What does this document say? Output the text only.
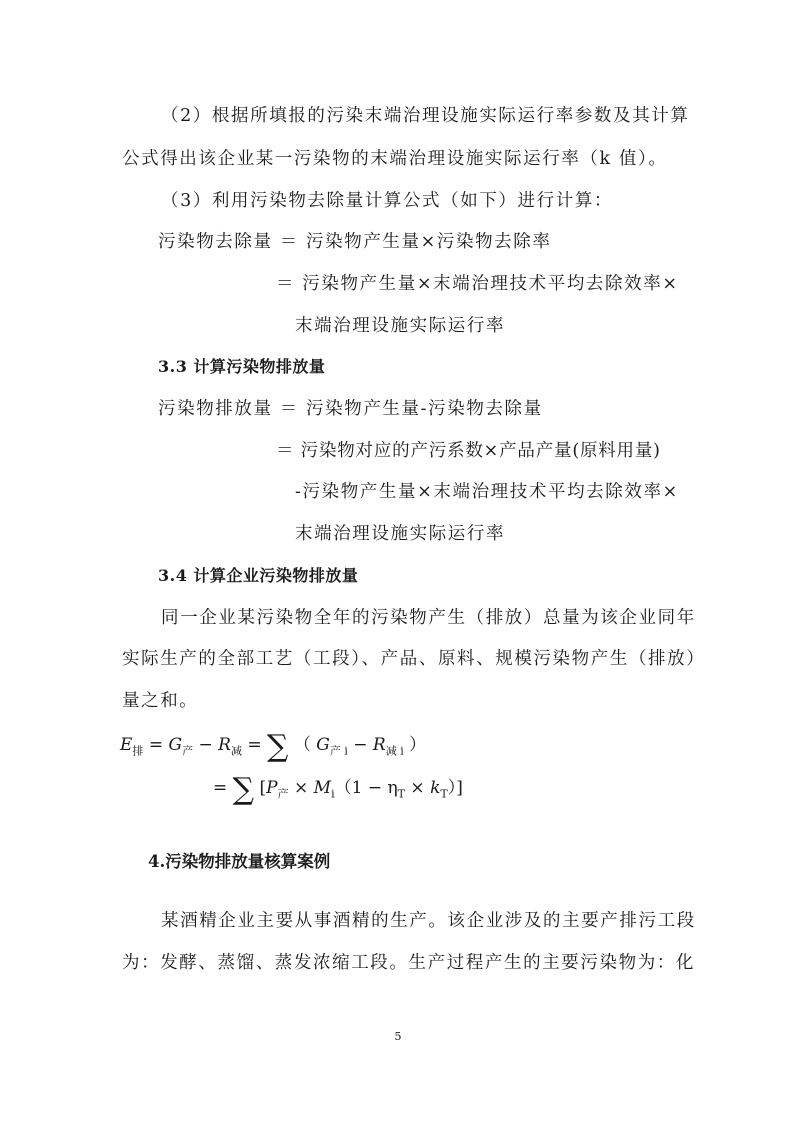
（2）根据所填报的污染末端治理设施实际运行率参数及其计算
公式得出该企业某一污染物的末端治理设施实际运行率（k 值）。
（3）利用污染物去除量计算公式（如下）进行计算：
污染物去除量 ＝ 污染物产生量×污染物去除率
＝ 污染物产生量×末端治理技术平均去除效率×
末端治理设施实际运行率
3.3 计算污染物排放量
污染物排放量 ＝ 污染物产生量-污染物去除量
＝ 污染物对应的产污系数×产品产量(原料用量)
-污染物产生量×末端治理技术平均去除效率×
末端治理设施实际运行率
3.4 计算企业污染物排放量
同一企业某污染物全年的污染物产生（排放）总量为该企业同年
实际生产的全部工艺（工段）、产品、原料、规模污染物产生（排放）
量之和。
$E_排 = G_产 - R_减$ = ∑ （ $G_{产 i} - R_{减 i}$ ）
= ∑ $[P_产 \times M_i(1 - \eta_T \times k_T)]$
4.污染物排放量核算案例
某酒精企业主要从事酒精的生产。该企业涉及的主要产排污工段
为：发酵、蒸馏、蒸发浓缩工段。生产过程产生的主要污染物为：化
5
